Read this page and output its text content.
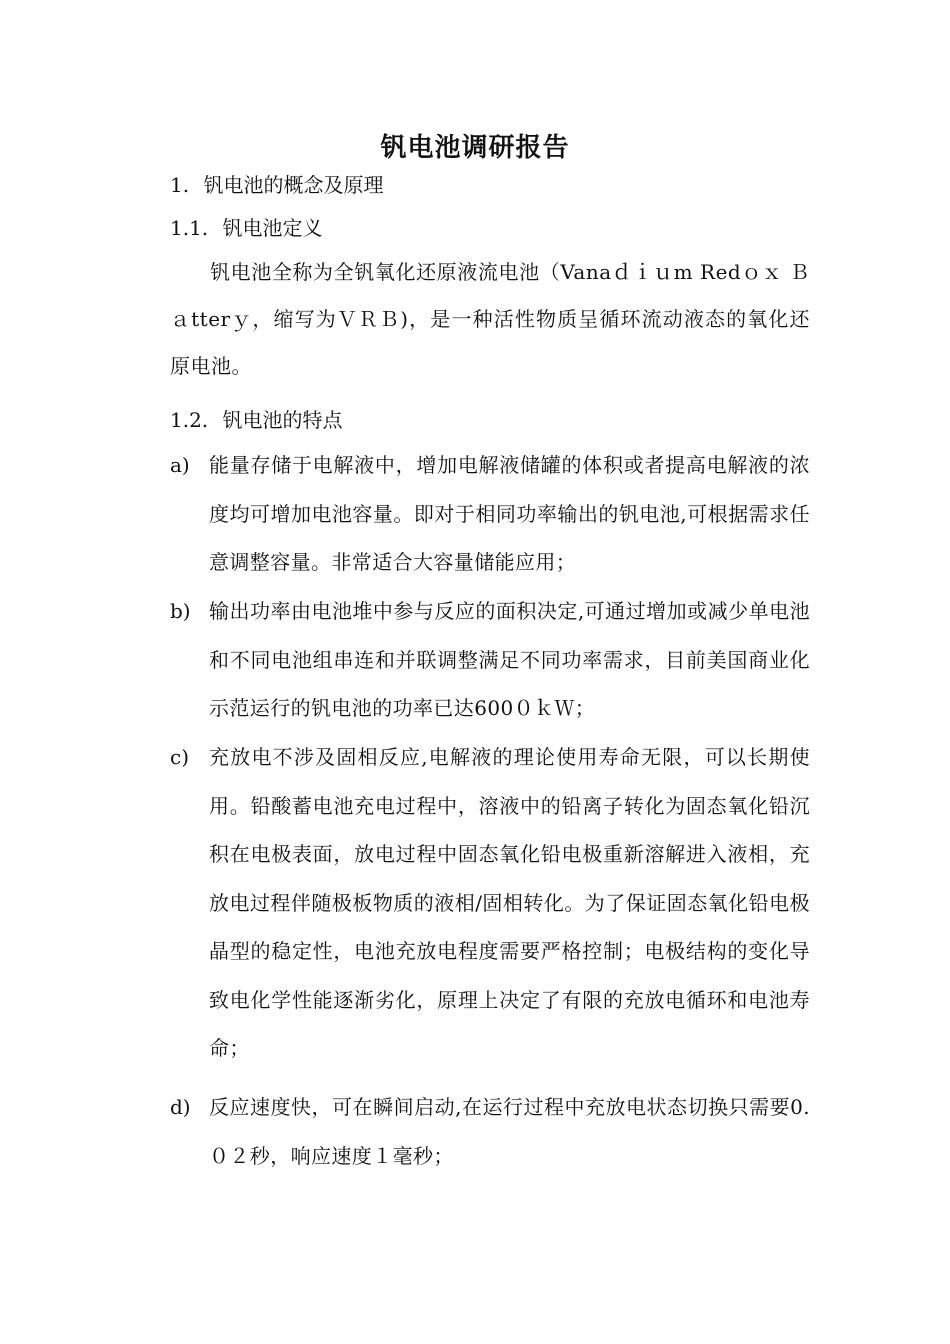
钒电池调研报告
1. 钒电池的概念及原理
1.1. 钒电池定义

钒电池全称为全钒氧化还原液流电池（Vanaｄｉｕm Redｏｘ Ｂａtterｙ，缩写为ＶＲＢ)，是一种活性物质呈循环流动液态的氧化还原电池。

1.2. 钒电池的特点
a) 能量存储于电解液中，增加电解液储罐的体积或者提高电解液的浓度均可增加电池容量。即对于相同功率输出的钒电池,可根据需求任意调整容量。非常适合大容量储能应用；
b) 输出功率由电池堆中参与反应的面积决定,可通过增加或减少单电池和不同电池组串连和并联调整满足不同功率需求，目前美国商业化示范运行的钒电池的功率已达600０ｋＷ；
c) 充放电不涉及固相反应,电解液的理论使用寿命无限，可以长期使用。铅酸蓄电池充电过程中，溶液中的铅离子转化为固态氧化铅沉积在电极表面，放电过程中固态氧化铅电极重新溶解进入液相，充放电过程伴随极板物质的液相/固相转化。为了保证固态氧化铅电极晶型的稳定性，电池充放电程度需要严格控制；电极结构的变化导致电化学性能逐渐劣化，原理上决定了有限的充放电循环和电池寿命；
d) 反应速度快，可在瞬间启动,在运行过程中充放电状态切换只需要0.０２秒，响应速度１毫秒；
